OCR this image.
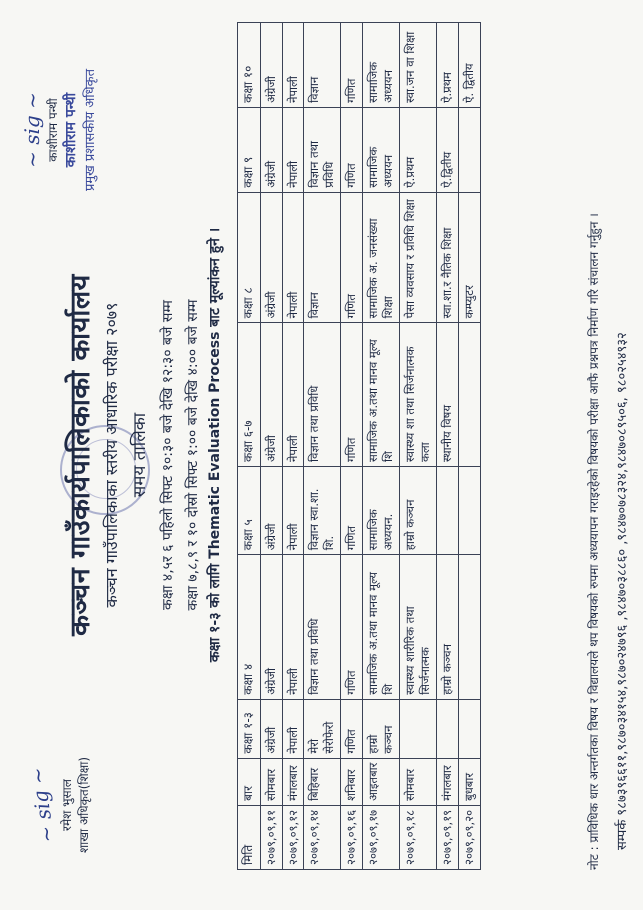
कञ्चन गाउँकार्यपालिकाको कार्यालय कञ्चन गाउँपालिकाका स्तरीय आधारिक परीक्षा २०७९ समय तालिका कक्षा ४,५र ६ पहिलो सिफ्ट १०:३० बजे देखि १२:३० बजे सम्म कक्षा ७,८,९ र १० दोस्रो सिफ्ट १:०० बजे देखि ४:०० बजे सम्म कक्षा १-३ को लागि Thematic Evaluation Process बाट मूल्यांकन हुने ।
मिति	बार	कक्षा १-३	कक्षा ४	कक्षा ५	कक्षा ६-७	कक्षा ८	कक्षा ९	कक्षा १०
२०७९,०९,११	सोमबार	अंग्रेजी	अंग्रेजी	अंग्रेजी	अंग्रेजी	अंग्रेजी	अंग्रेजी	अंग्रेजी
२०७९,०९,१२	मंगलबार	नेपाली	नेपाली	नेपाली	नेपाली	नेपाली	नेपाली	नेपाली
२०७९,०९,१४	बिहिबार	मेरो सेरोफेरो	विज्ञान तथा प्रविधि	विज्ञान स्वा.शा. शि.	विज्ञान तथा प्रविधि	विज्ञान	विज्ञान तथा प्रविधि	विज्ञान
२०७९,०९,१६	शनिबार	गणित	गणित	गणित	गणित	गणित	गणित	गणित
२०७९,०९,१७	आइतबार	हाम्रो कञ्चन	सामाजिक अ.तथा मानव मूल्य शि	सामाजिक अध्ययन.	सामाजिक अ.तथा मानव मूल्य शि	सामाजिक अ. जनसंख्या शिक्षा	सामाजिक अध्ययन	सामाजिक अध्ययन
२०७९,०९,१८	सोमबार		स्वास्थ्य शारीरिक तथा सिर्जनात्मक	हाम्रो कञ्चन	स्वास्थ्य शा तथा सिर्जनात्मक कला	पेसा व्यवसाय र प्रविधि शिक्षा	ऐ.प्रथम	स्वा.जन वा शिक्षा
२०७९,०९,१९	मंगलबार		हाम्रो कञ्चन		स्थानीय विषय	स्वा.शा.र नैतिक शिक्षा	ऐ.द्वितीय	ऐ.प्रथम
२०७९,०९,२०	बुधबार					कम्प्युटर		ऐ. द्वितीय
नोट : प्राविधिक धार अन्तर्गतका विषय र विद्यालयले थप विषयको रुपमा अध्ययापन गराइरहेको विषयको परीक्षा आफै प्रश्नपत्र निर्माण गरि संचालन गर्नुहुन । सम्पर्क ९८७३९६६११,९८७०३४१५४,९८७०२४७९६ ,९८४७०३८८६० ,९८४७०७८३२४,९८४७०८९५०६, ९८०२५४९३२
~ sig ~ रमेश भुसाल शाखा अधिकृत(शिक्षा)
~ sig ~ काशीराम पन्थी काशीराम पन्थी प्रमुख प्रशासकीय अधिकृत
